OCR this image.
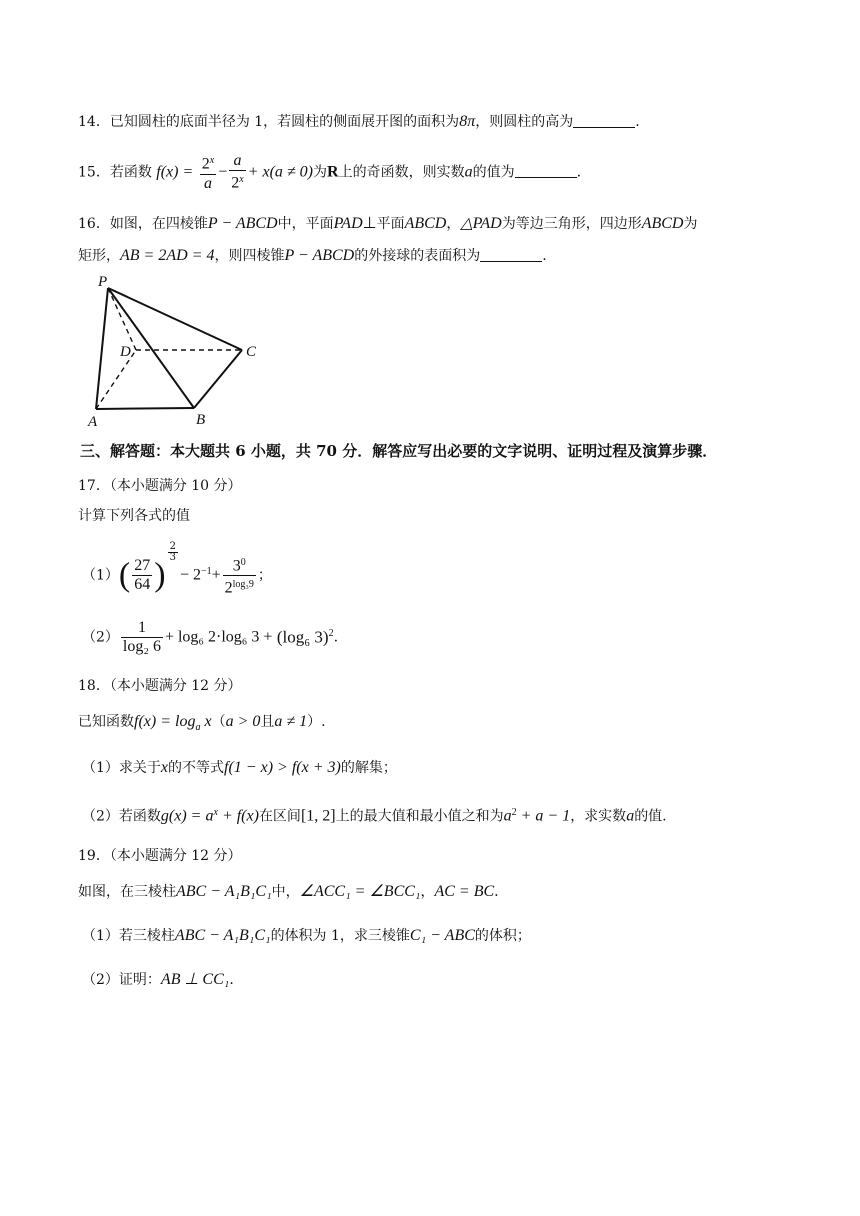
14．已知圆柱的底面半径为 1，若圆柱的侧面展开图的面积为8π，则圆柱的高为	.
15．若函数 $f(x) = \frac{2^x}{a} - \frac{a}{2^x} + x(a \ne 0)$为R上的奇函数，则实数a的值为	.
16．如图，在四棱锥P − ABCD中，平面PAD⊥平面ABCD，△PAD为等边三角形，四边形ABCD为
矩形，AB = 2AD = 4，则四棱锥P − ABCD的外接球的表面积为	.
P
D	C
A	B
三、解答题：本大题共 6 小题，共 70 分．解答应写出必要的文字说明、证明过程及演算步骤．
17．（本小题满分 10 分）
计算下列各式的值
$(1)( \frac{27}{64}$ )
$\frac{2}{3}$
− $2^{-1}+ \frac{3^0}{2^{log_39}}$ ；
$(2) \frac{1}{\text{log₂ 6}} + \log_6$ 2·log₆ 3 + (log₆ 3)$^2$.
18．（本小题满分 12 分）
已知函数$f(x) = \log_a x(a > 0$且a ≠ 1）.
（1）求关于x的不等式f(1 − x) > f(x + 3)的解集；
（2）若函数$g(x) = a^x + f(x)$在区间[1, 2]上的最大值和最小值之和为$a^2 + a - 1$，求实数a的值.
19．（本小题满分 12 分）
如图，在三棱柱ABC − A₁B₁C₁中，∠ACC₁ = ∠BCC₁，AC = BC.
（1）若三棱柱ABC − A₁B₁C₁的体积为 1，求三棱锥C₁ − ABC的体积；
（2）证明：AB ⊥ CC₁.
